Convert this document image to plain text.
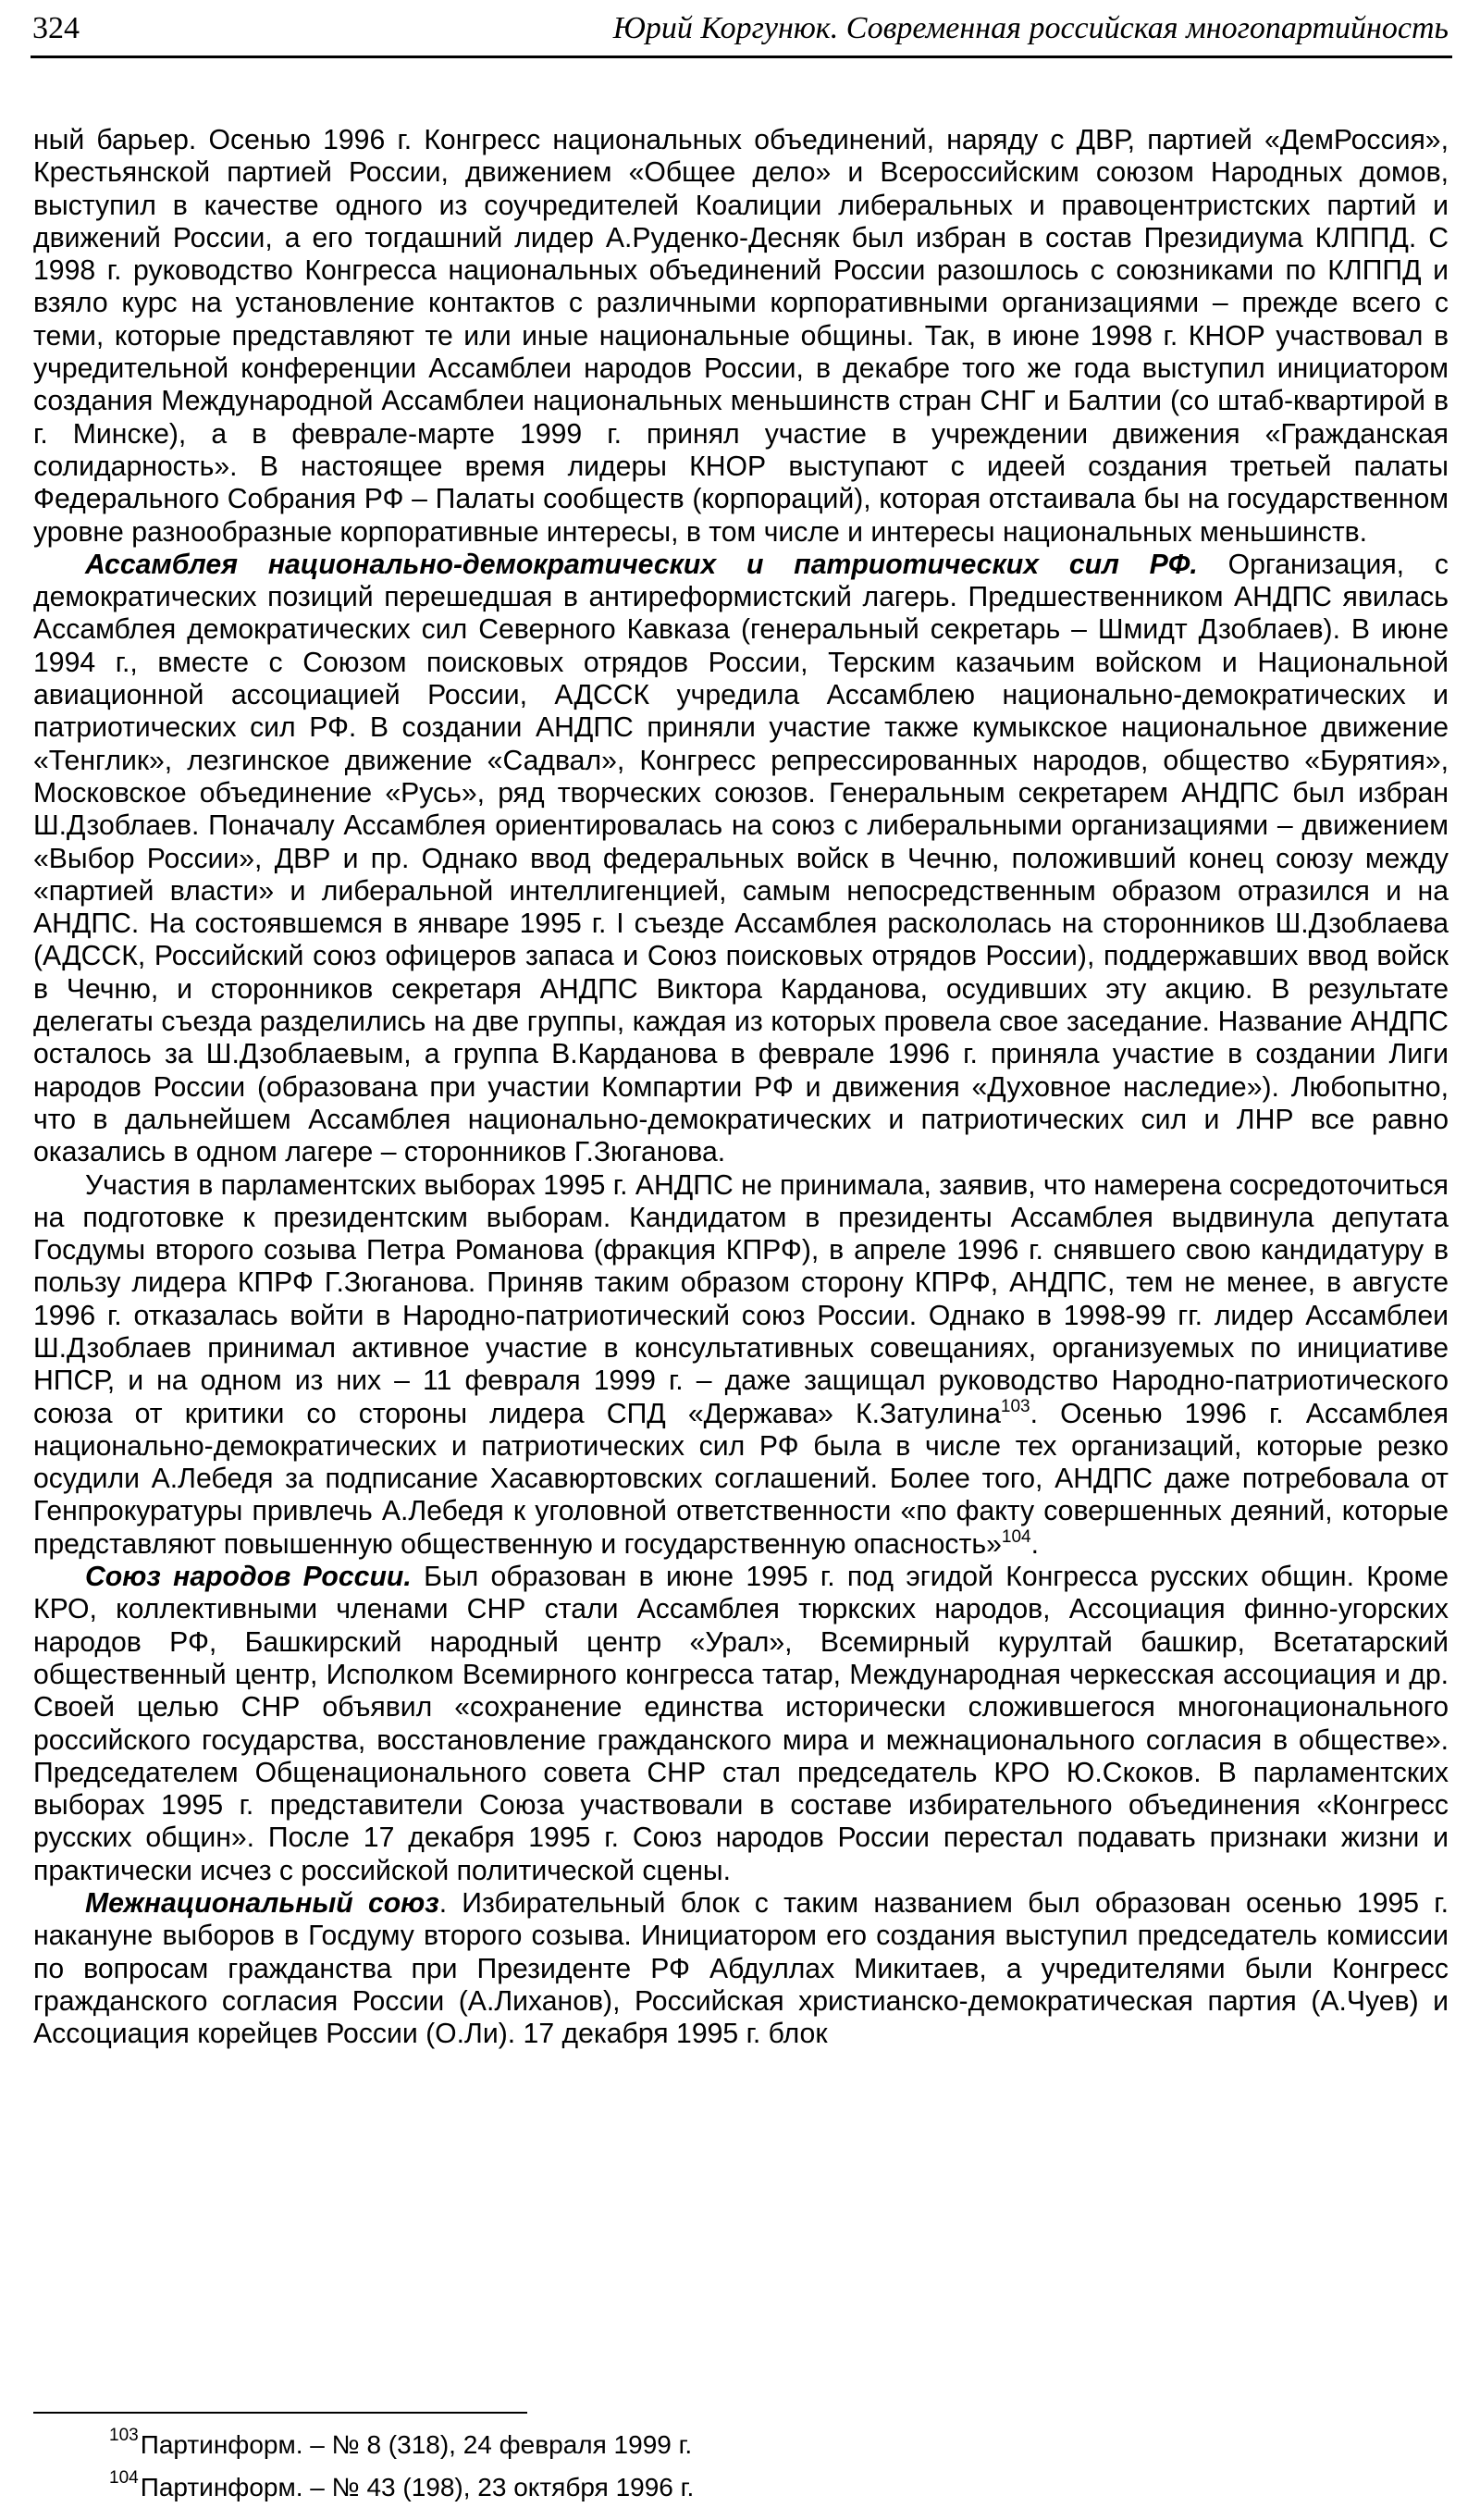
324	Юрий Коргунюк. Современная российская многопартийность

ный барьер. Осенью 1996 г. Конгресс национальных объединений, наряду с ДВР, партией «ДемРоссия», Крестьянской партией России, движением «Общее дело» и Всероссийским союзом Народных домов, выступил в качестве одного из соучредителей Коалиции либеральных и правоцентристских партий и движений России, а его тогдашний лидер А.Руденко-Десняк был избран в состав Президиума КЛППД. С 1998 г. руководство Конгресса национальных объединений России разошлось с союзниками по КЛППД и взяло курс на установление контактов с различными корпоративными организациями – прежде всего с теми, которые представляют те или иные национальные общины. Так, в июне 1998 г. КНОР участвовал в учредительной конференции Ассамблеи народов России, в декабре того же года выступил инициатором создания Международной Ассамблеи национальных меньшинств стран СНГ и Балтии (со штаб-квартирой в г. Минске), а в феврале-марте 1999 г. принял участие в учреждении движения «Гражданская солидарность». В настоящее время лидеры КНОР выступают с идеей создания третьей палаты Федерального Собрания РФ – Палаты сообществ (корпораций), которая отстаивала бы на государственном уровне разнообразные корпоративные интересы, в том числе и интересы национальных меньшинств.

Ассамблея национально-демократических и патриотических сил РФ. Организация, с демократических позиций перешедшая в антиреформистский лагерь. Предшественником АНДПС явилась Ассамблея демократических сил Северного Кавказа (генеральный секретарь – Шмидт Дзоблаев). В июне 1994 г., вместе с Союзом поисковых отрядов России, Терским казачьим войском и Национальной авиационной ассоциацией России, АДССК учредила Ассамблею национально-демократических и патриотических сил РФ. В создании АНДПС приняли участие также кумыкское национальное движение «Тенглик», лезгинское движение «Садвал», Конгресс репрессированных народов, общество «Бурятия», Московское объединение «Русь», ряд творческих союзов. Генеральным секретарем АНДПС был избран Ш.Дзоблаев. Поначалу Ассамблея ориентировалась на союз с либеральными организациями – движением «Выбор России», ДВР и пр. Однако ввод федеральных войск в Чечню, положивший конец союзу между «партией власти» и либеральной интеллигенцией, самым непосредственным образом отразился и на АНДПС. На состоявшемся в январе 1995 г. I съезде Ассамблея раскололась на сторонников Ш.Дзоблаева (АДССК, Российский союз офицеров запаса и Союз поисковых отрядов России), поддержавших ввод войск в Чечню, и сторонников секретаря АНДПС Виктора Карданова, осудивших эту акцию. В результате делегаты съезда разделились на две группы, каждая из которых провела свое заседание. Название АНДПС осталось за Ш.Дзоблаевым, а группа В.Карданова в феврале 1996 г. приняла участие в создании Лиги народов России (образована при участии Компартии РФ и движения «Духовное наследие»). Любопытно, что в дальнейшем Ассамблея национально-демократических и патриотических сил и ЛНР все равно оказались в одном лагере – сторонников Г.Зюганова.

Участия в парламентских выборах 1995 г. АНДПС не принимала, заявив, что намерена сосредоточиться на подготовке к президентским выборам. Кандидатом в президенты Ассамблея выдвинула депутата Госдумы второго созыва Петра Романова (фракция КПРФ), в апреле 1996 г. снявшего свою кандидатуру в пользу лидера КПРФ Г.Зюганова. Приняв таким образом сторону КПРФ, АНДПС, тем не менее, в августе 1996 г. отказалась войти в Народно-патриотический союз России. Однако в 1998-99 гг. лидер Ассамблеи Ш.Дзоблаев принимал активное участие в консультативных совещаниях, организуемых по инициативе НПСР, и на одном из них – 11 февраля 1999 г. – даже защищал руководство Народно-патриотического союза от критики со стороны лидера СПД «Держава» К.Затулина$^{103}$. Осенью 1996 г. Ассамблея национально-демократических и патриотических сил РФ была в числе тех организаций, которые резко осудили А.Лебедя за подписание Хасавюртовских соглашений. Более того, АНДПС даже потребовала от Генпрокуратуры привлечь А.Лебедя к уголовной ответственности «по факту совершенных деяний, которые представляют повышенную общественную и государственную опасность»$^{104}$.

Союз народов России. Был образован в июне 1995 г. под эгидой Конгресса русских общин. Кроме КРО, коллективными членами СНР стали Ассамблея тюркских народов, Ассоциация финно-угорских народов РФ, Башкирский народный центр «Урал», Всемирный курултай башкир, Всетатарский общественный центр, Исполком Всемирного конгресса татар, Международная черкесская ассоциация и др. Своей целью СНР объявил «сохранение единства исторически сложившегося многонационального российского государства, восстановление гражданского мира и межнационального согласия в обществе». Председателем Общенационального совета СНР стал председатель КРО Ю.Скоков. В парламентских выборах 1995 г. представители Союза участвовали в составе избирательного объединения «Конгресс русских общин». После 17 декабря 1995 г. Союз народов России перестал подавать признаки жизни и практически исчез с российской политической сцены.

Межнациональный союз. Избирательный блок с таким названием был образован осенью 1995 г. накануне выборов в Госдуму второго созыва. Инициатором его создания выступил председатель комиссии по вопросам гражданства при Президенте РФ Абдуллах Микитаев, а учредителями были Конгресс гражданского согласия России (А.Лиханов), Российская христианско-демократическая партия (А.Чуев) и Ассоциация корейцев России (О.Ли). 17 декабря 1995 г. блок

$^{103}$Партинформ. – № 8 (318), 24 февраля 1999 г.
$^{104}$Партинформ. – № 43 (198), 23 октября 1996 г.
